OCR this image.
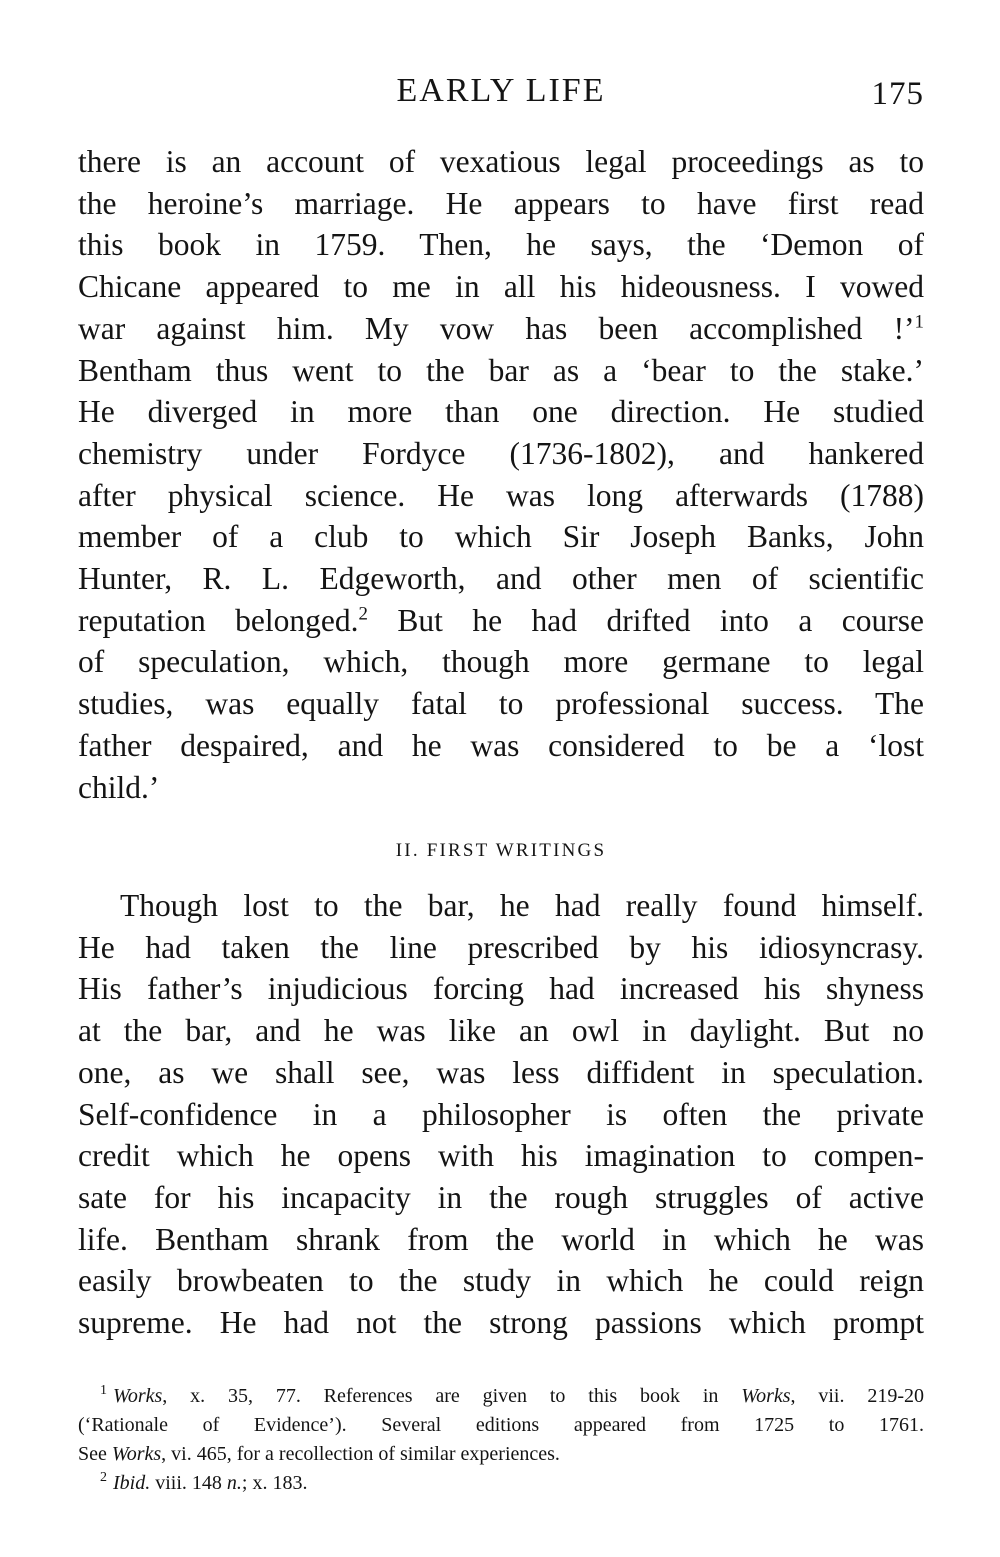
EARLY LIFE	175
there is an account of vexatious legal proceedings as to
the heroine’s marriage. He appears to have first read
this book in 1759. Then, he says, the ‘Demon of
Chicane appeared to me in all his hideousness. I vowed
war against him. My vow has been accomplished !’$^1$
Bentham thus went to the bar as a ‘bear to the stake.’
He diverged in more than one direction. He studied
chemistry under Fordyce (1736-1802), and hankered
after physical science. He was long afterwards (1788)
member of a club to which Sir Joseph Banks, John
Hunter, R. L. Edgeworth, and other men of scientific
reputation belonged.$^2$ But he had drifted into a course
of speculation, which, though more germane to legal
studies, was equally fatal to professional success. The
father despaired, and he was considered to be a ‘lost
child.’
II. FIRST WRITINGS
Though lost to the bar, he had really found himself.
He had taken the line prescribed by his idiosyncrasy.
His father’s injudicious forcing had increased his shyness
at the bar, and he was like an owl in daylight. But no
one, as we shall see, was less diffident in speculation.
Self-confidence in a philosopher is often the private
credit which he opens with his imagination to compen-
sate for his incapacity in the rough struggles of active
life. Bentham shrank from the world in which he was
easily browbeaten to the study in which he could reign
supreme. He had not the strong passions which prompt
$^1$ Works, x. 35, 77. References are given to this book in Works, vii. 219-20
(‘Rationale of Evidence’). Several editions appeared from 1725 to 1761.
See Works, vi. 465, for a recollection of similar experiences.
$^2$ Ibid. viii. 148 n.; x. 183.
